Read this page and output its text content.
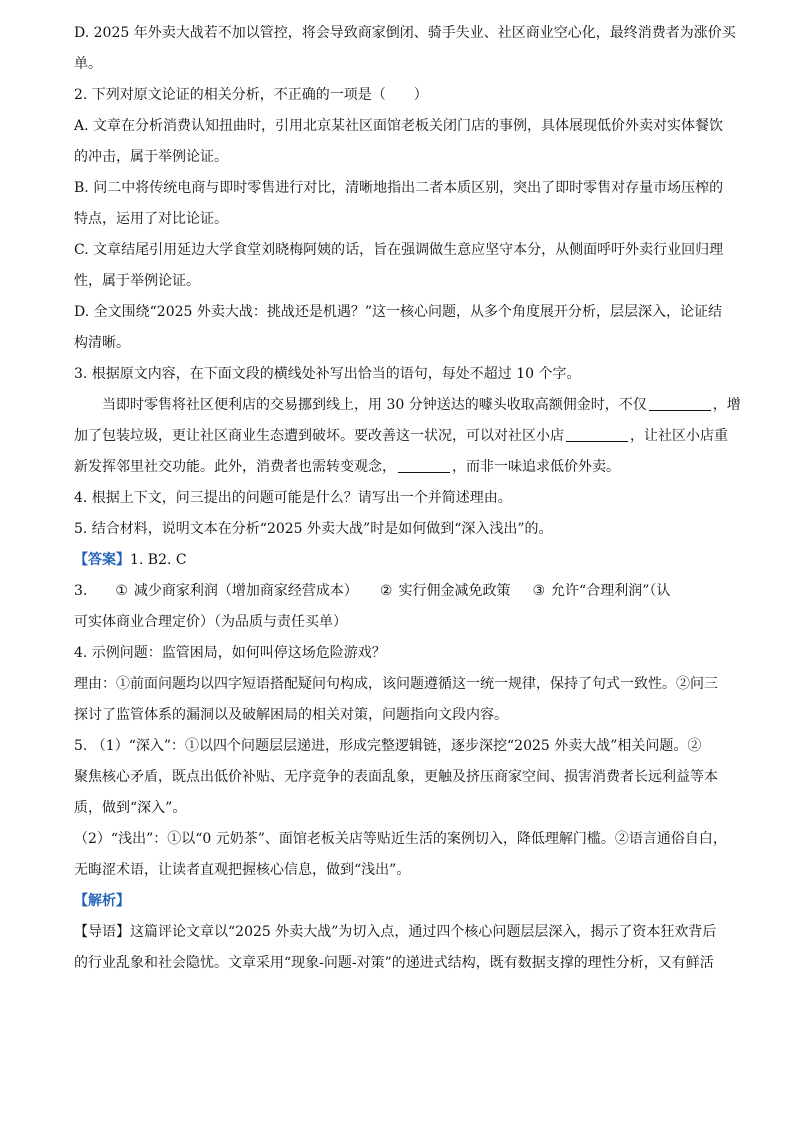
D. 2025 年外卖大战若不加以管控，将会导致商家倒闭、骑手失业、社区商业空心化，最终消费者为涨价买
单。
2. 下列对原文论证的相关分析，不正确的一项是（　　）
A. 文章在分析消费认知扭曲时，引用北京某社区面馆老板关闭门店的事例，具体展现低价外卖对实体餐饮
的冲击，属于举例论证。
B. 问二中将传统电商与即时零售进行对比，清晰地指出二者本质区别，突出了即时零售对存量市场压榨的
特点，运用了对比论证。
C. 文章结尾引用延边大学食堂刘晓梅阿姨的话，旨在强调做生意应坚守本分，从侧面呼吁外卖行业回归理
性，属于举例论证。
D. 全文围绕“2025 外卖大战：挑战还是机遇？”这一核心问题，从多个角度展开分析，层层深入，论证结
构清晰。
3. 根据原文内容，在下面文段的横线处补写出恰当的语句，每处不超过 10 个字。
当即时零售将社区便利店的交易挪到线上，用 30 分钟送达的噱头收取高额佣金时，不仅	，增
加了包装垃圾，更让社区商业生态遭到破坏。要改善这一状况，可以对社区小店	，让社区小店重
新发挥邻里社交功能。此外，消费者也需转变观念，	，而非一味追求低价外卖。
4. 根据上下文，问三提出的问题可能是什么？请写出一个并简述理由。
5. 结合材料，说明文本在分析“2025 外卖大战”时是如何做到“深入浅出”的。
【答案】1. B2. C
3. ① 减少商家利润（增加商家经营成本） ② 实行佣金减免政策 ③ 允许“合理利润”（认
可实体商业合理定价）（为品质与责任买单）
4. 示例问题：监管困局，如何叫停这场危险游戏？
理由：①前面问题均以四字短语搭配疑问句构成，该问题遵循这一统一规律，保持了句式一致性。②问三
探讨了监管体系的漏洞以及破解困局的相关对策，问题指向文段内容。
5. （1）“深入”：①以四个问题层层递进，形成完整逻辑链，逐步深挖“2025 外卖大战”相关问题。②
聚焦核心矛盾，既点出低价补贴、无序竞争的表面乱象，更触及挤压商家空间、损害消费者长远利益等本
质，做到“深入”。
（2）“浅出”：①以“0 元奶茶”、面馆老板关店等贴近生活的案例切入，降低理解门槛。②语言通俗自白，
无晦涩术语，让读者直观把握核心信息，做到“浅出”。
【解析】
【导语】这篇评论文章以“2025 外卖大战”为切入点，通过四个核心问题层层深入，揭示了资本狂欢背后
的行业乱象和社会隐忧。文章采用“现象-问题-对策”的递进式结构，既有数据支撑的理性分析，又有鲜活
